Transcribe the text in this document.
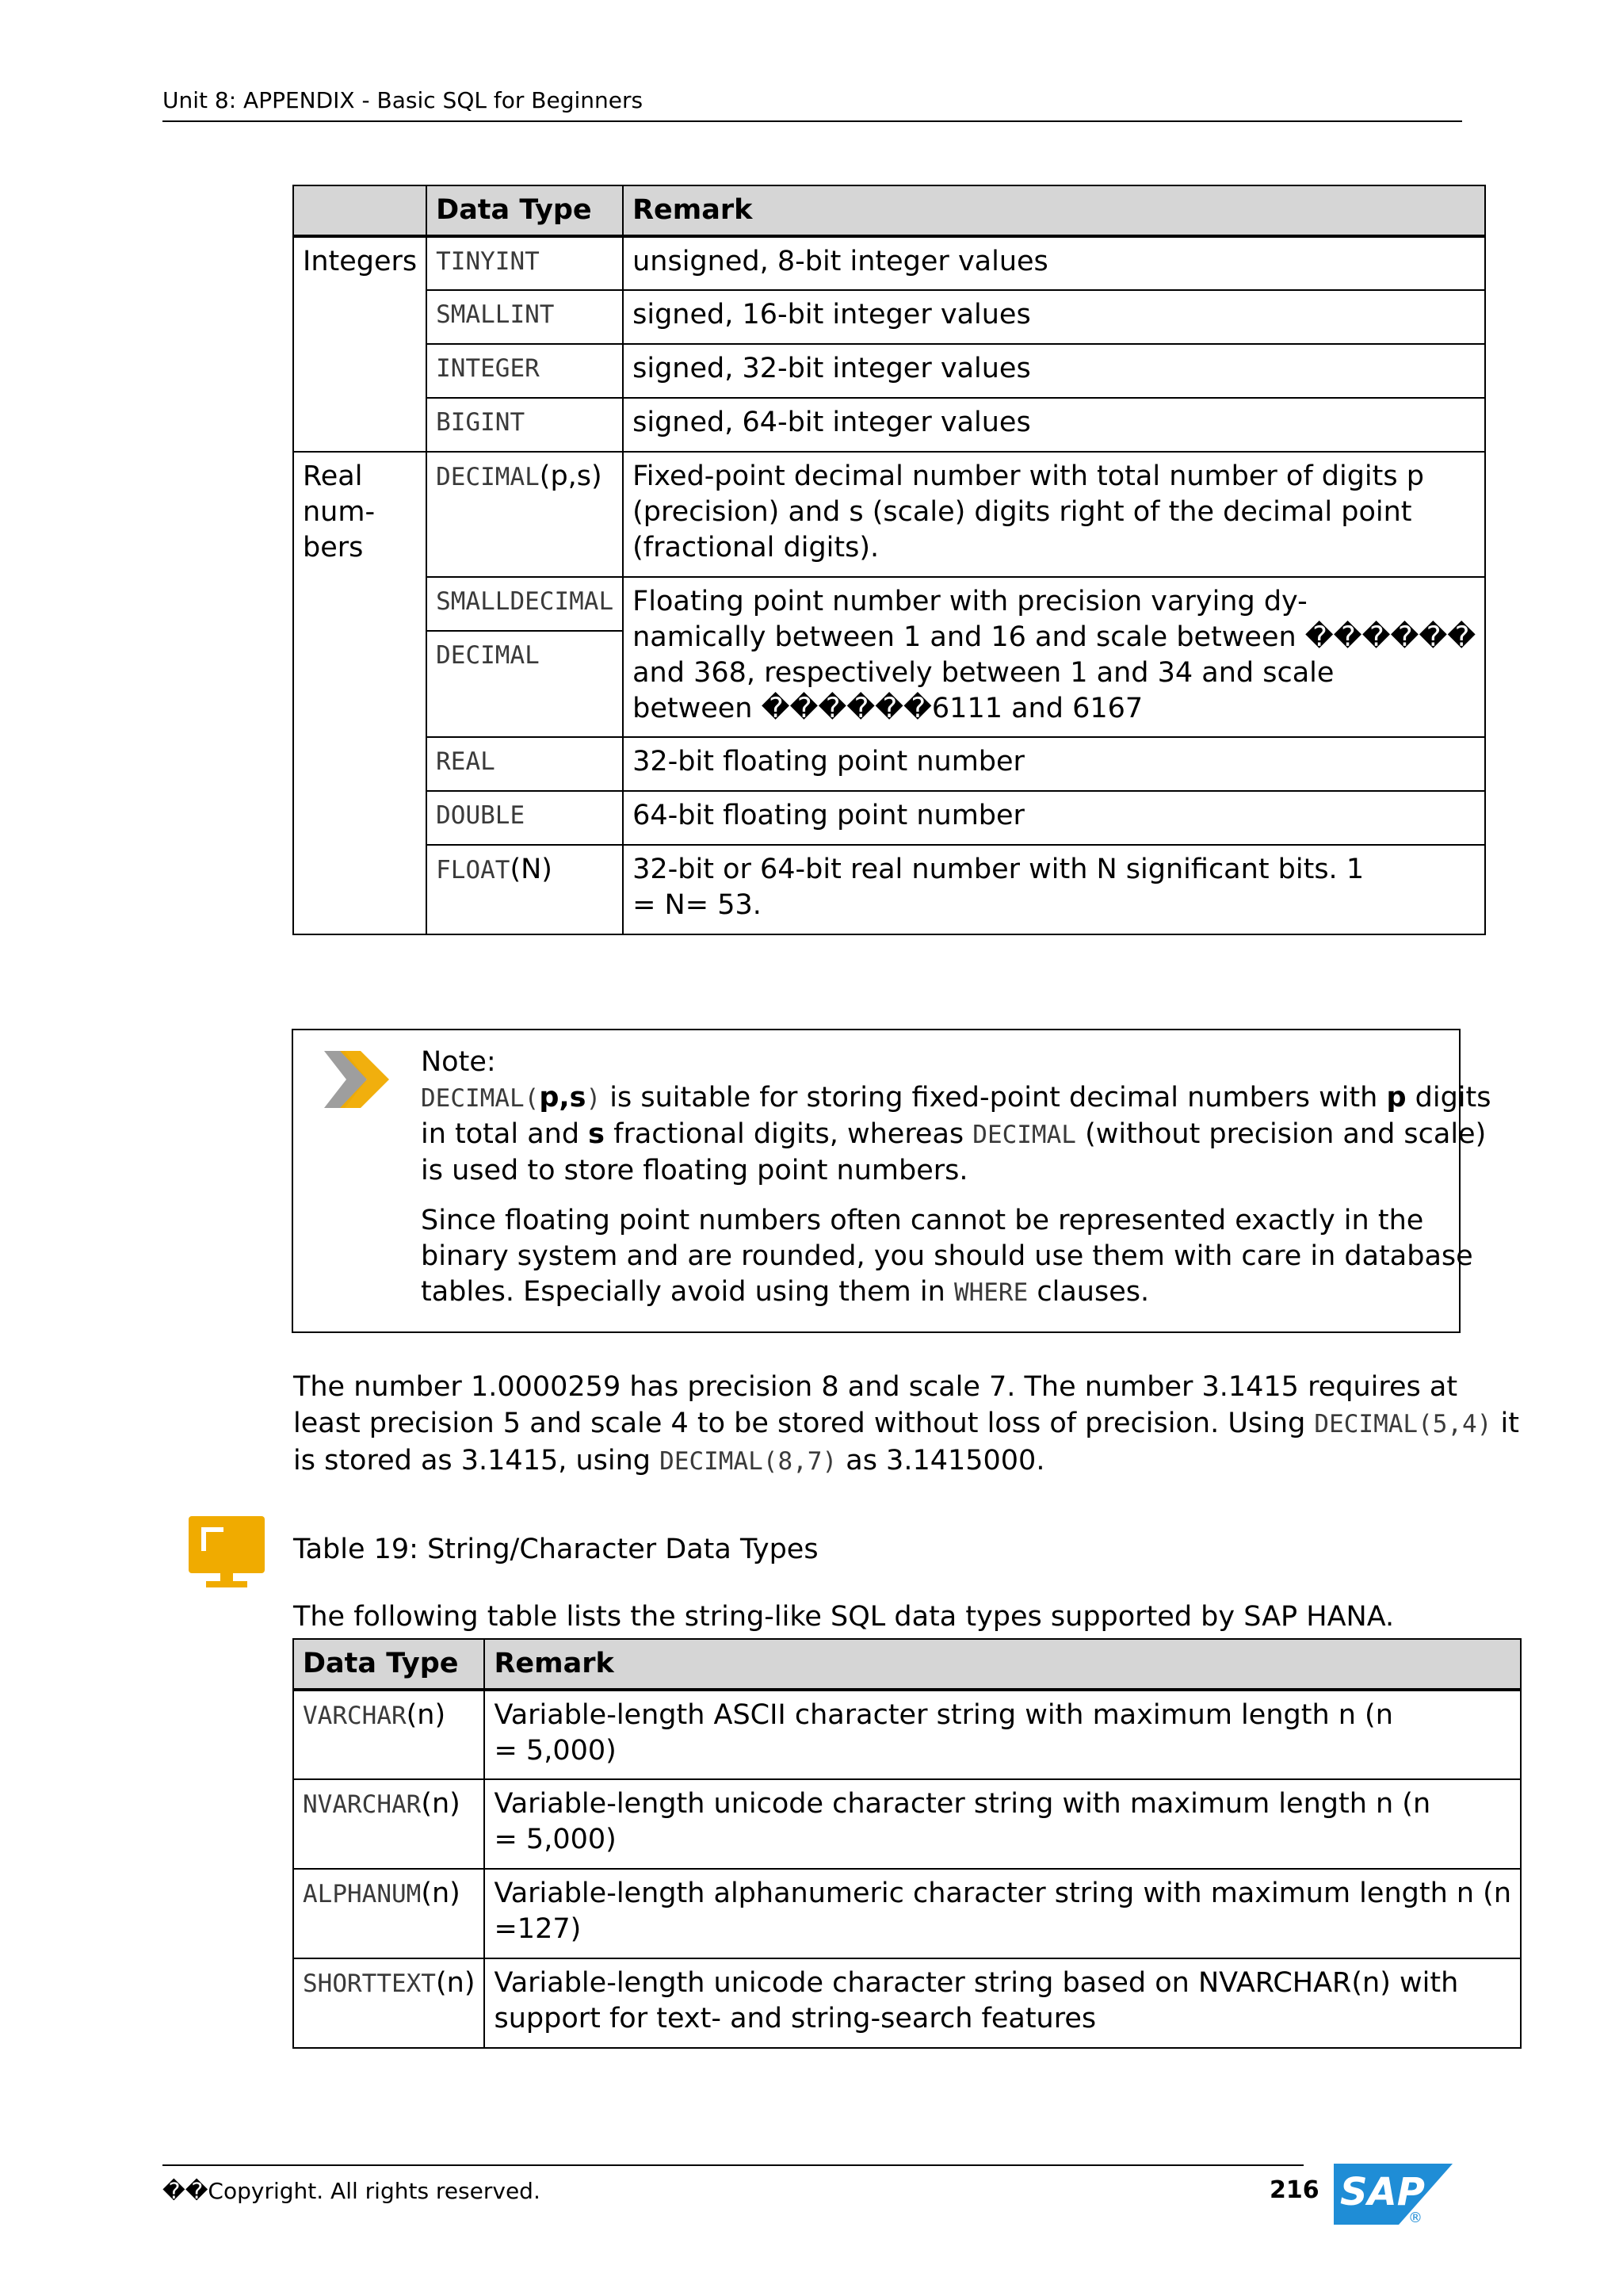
Unit 8: APPENDIX - Basic SQL for Beginners
	Data Type	Remark
Integers	TINYINT	unsigned, 8-bit integer values
	SMALLINT	signed, 16-bit integer values
	INTEGER	signed, 32-bit integer values
	BIGINT	signed, 64-bit integer values
Real num-
bers	DECIMAL(p,s)	Fixed-point decimal number with total number of digits p (precision) and s (scale) digits right of the decimal point (fractional digits).
	SMALLDECIMAL	Floating point number with precision varying dy-
namically between 1 and 16 and scale between ������
and 368, respectively between 1 and 34 and scale
between ������6111 and 6167
	DECIMAL	
	REAL	32-bit floating point number
	DOUBLE	64-bit floating point number
	FLOAT(N)	32-bit or 64-bit real number with N significant bits. 1
= N= 53.

Note:

DECIMAL(p,s) is suitable for storing fixed-point decimal numbers with p digits in total and s fractional digits, whereas DECIMAL (without precision and scale) is used to store floating point numbers.

Since floating point numbers often cannot be represented exactly in the binary system and are rounded, you should use them with care in database tables. Especially avoid using them in WHERE clauses.

The number 1.0000259 has precision 8 and scale 7. The number 3.1415 requires at least precision 5 and scale 4 to be stored without loss of precision. Using DECIMAL(5,4) it is stored as 3.1415, using DECIMAL(8,7) as 3.1415000.
Table 19: String/Character Data Types
The following table lists the string-like SQL data types supported by SAP HANA.
Data Type	Remark
VARCHAR(n)	Variable-length ASCII character string with maximum length n (n
= 5,000)
NVARCHAR(n)	Variable-length unicode character string with maximum length n (n
= 5,000)
ALPHANUM(n)	Variable-length alphanumeric character string with maximum length n (n
=127)
SHORTTEXT(n)	Variable-length unicode character string based on NVARCHAR(n) with
support for text- and string-search features
��Copyright. All rights reserved.	216 SAP
®
